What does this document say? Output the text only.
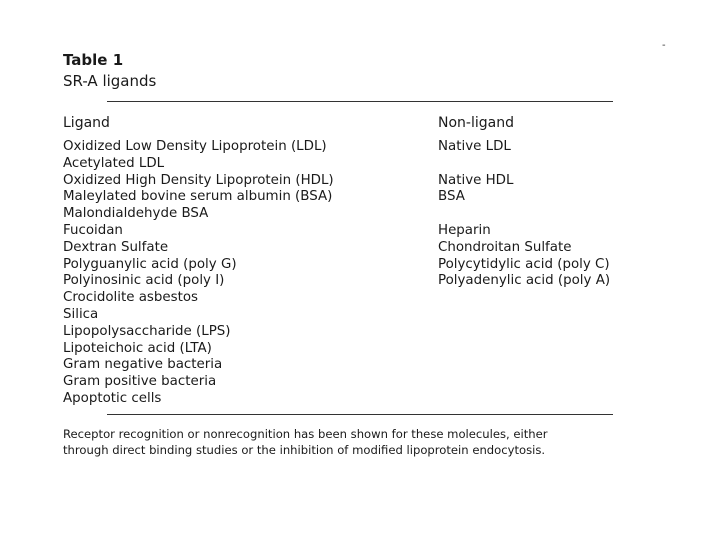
-
Table 1
SR-A ligands
Ligand	Non-ligand
Oxidized Low Density Lipoprotein (LDL)
Acetylated LDL
Oxidized High Density Lipoprotein (HDL)
Maleylated bovine serum albumin (BSA)
Malondialdehyde BSA
Fucoidan
Dextran Sulfate
Polyguanylic acid (poly G)
Polyinosinic acid (poly I)
Crocidolite asbestos
Silica
Lipopolysaccharide (LPS)
Lipoteichoic acid (LTA)
Gram negative bacteria
Gram positive bacteria
Apoptotic cells
Native LDL
Native HDL
BSA
Heparin
Chondroitan Sulfate
Polycytidylic acid (poly C)
Polyadenylic acid (poly A)
Receptor recognition or nonrecognition has been shown for these molecules, either
through direct binding studies or the inhibition of modified lipoprotein endocytosis.
